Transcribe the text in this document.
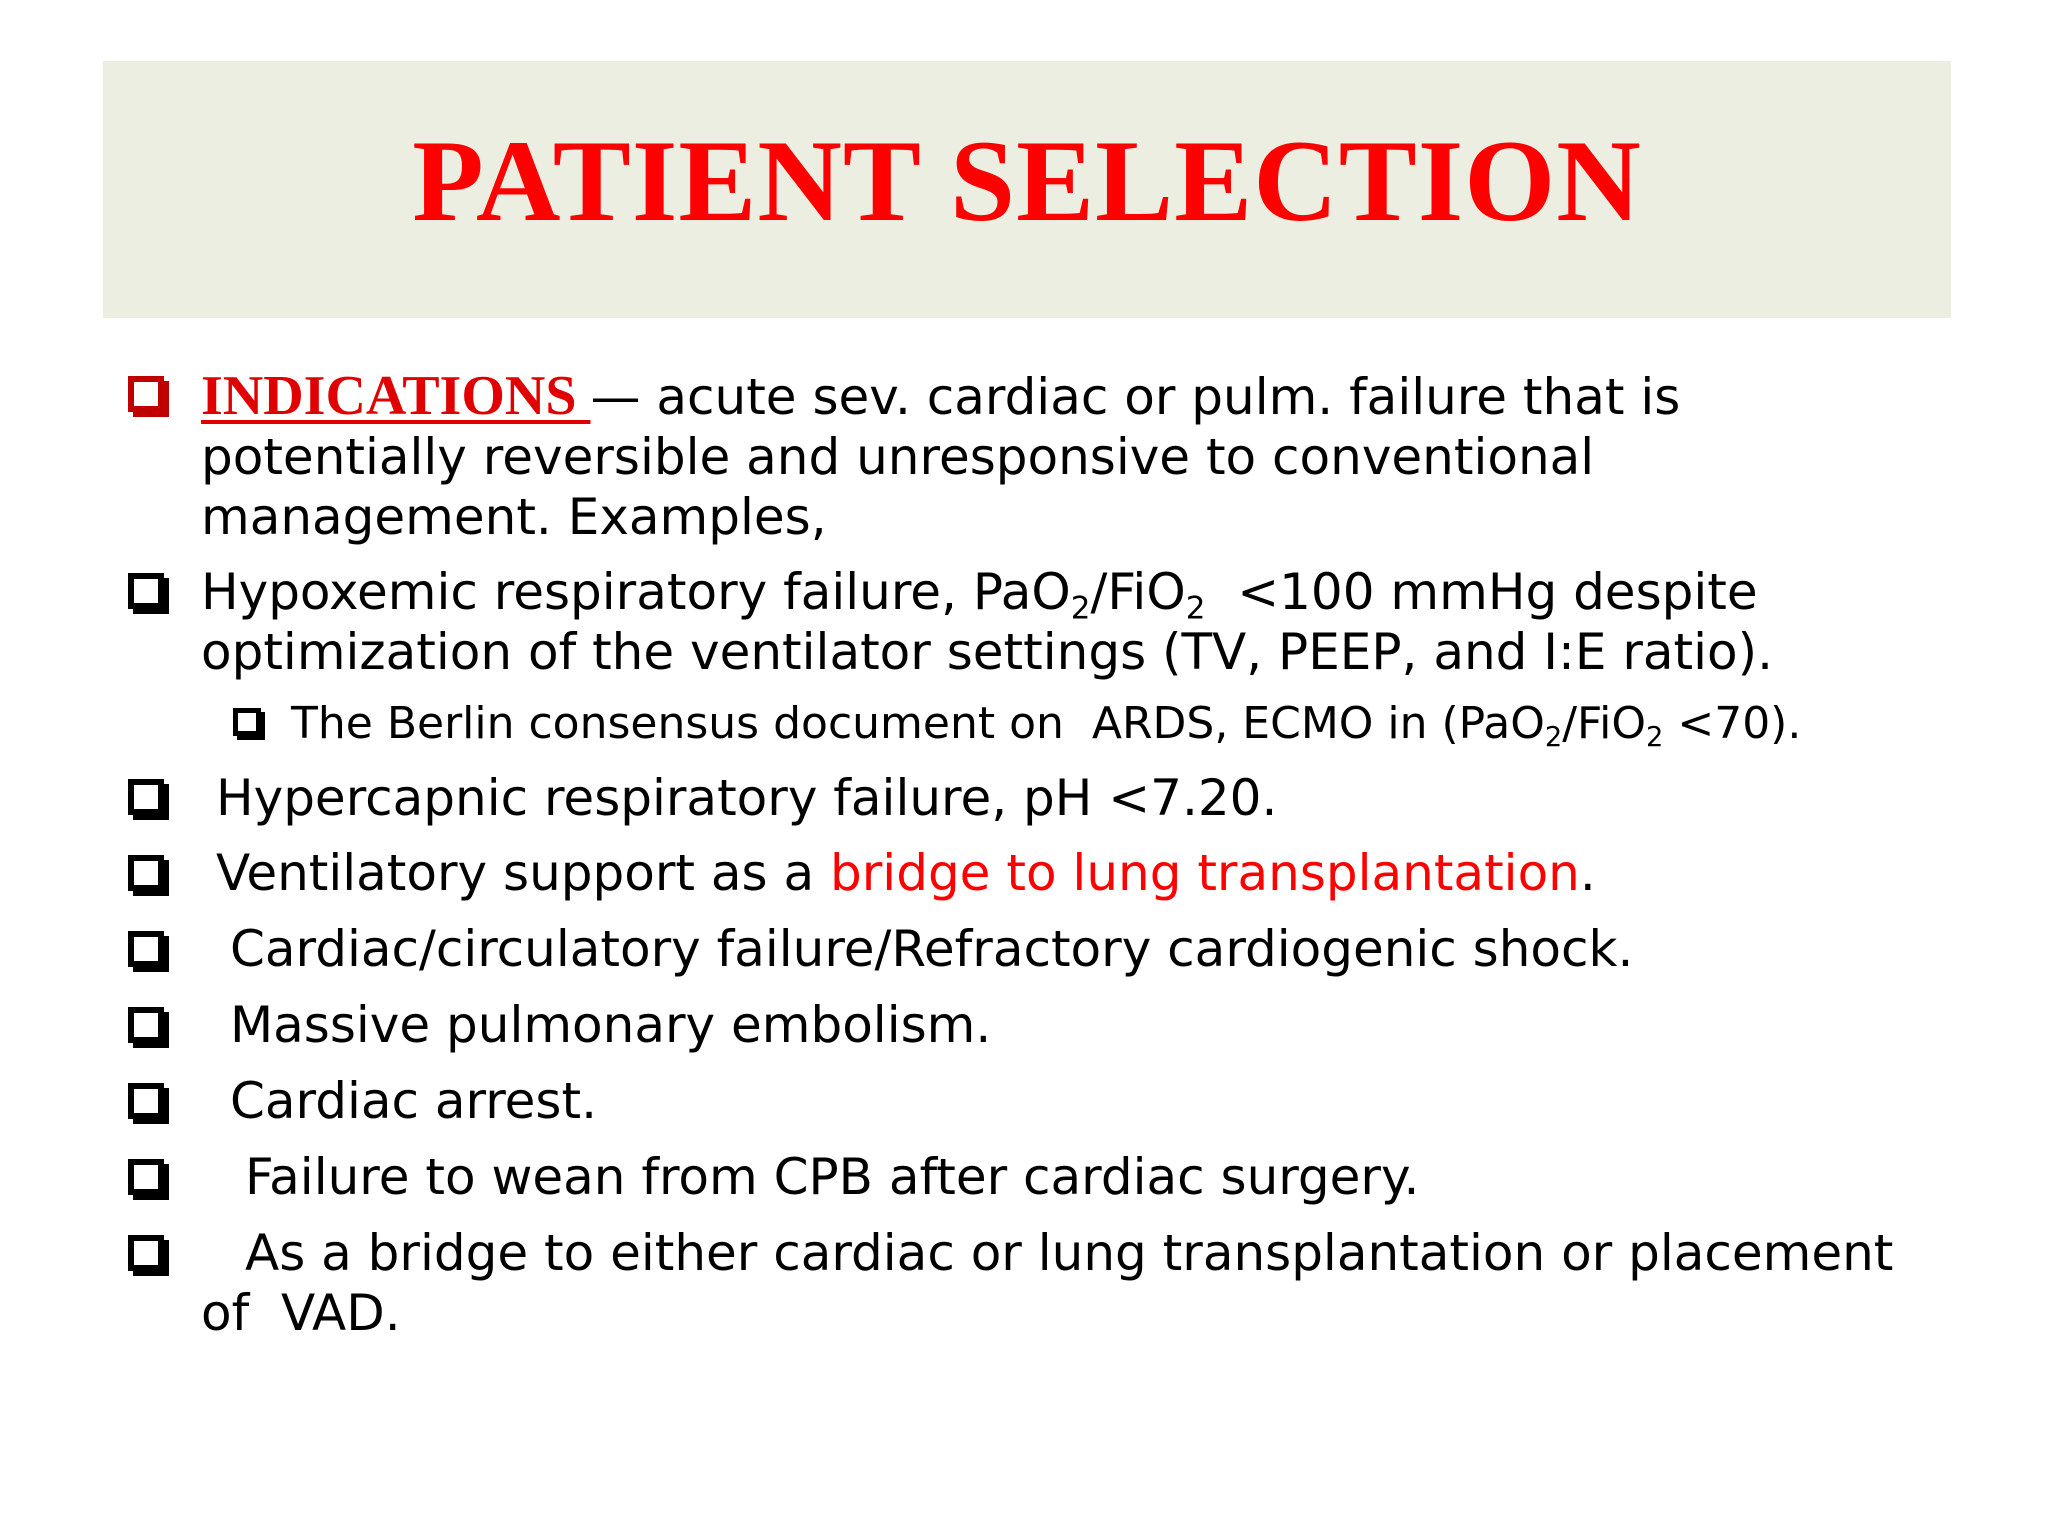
PATIENT SELECTION
INDICATIONS — acute sev. cardiac or pulm. failure that is
potentially reversible and unresponsive to conventional
management. Examples,
Hypoxemic respiratory failure, PaO$_2$/FiO$_2$  <100 mmHg despite
optimization of the ventilator settings (TV, PEEP, and I:E ratio).
The Berlin consensus document on  ARDS, ECMO in (PaO$_2$/FiO$_2$ <70).
Hypercapnic respiratory failure, pH <7.20.
Ventilatory support as a bridge to lung transplantation.
Cardiac/circulatory failure/Refractory cardiogenic shock.
Massive pulmonary embolism.
Cardiac arrest.
Failure to wean from CPB after cardiac surgery.
As a bridge to either cardiac or lung transplantation or placement
of  VAD.
